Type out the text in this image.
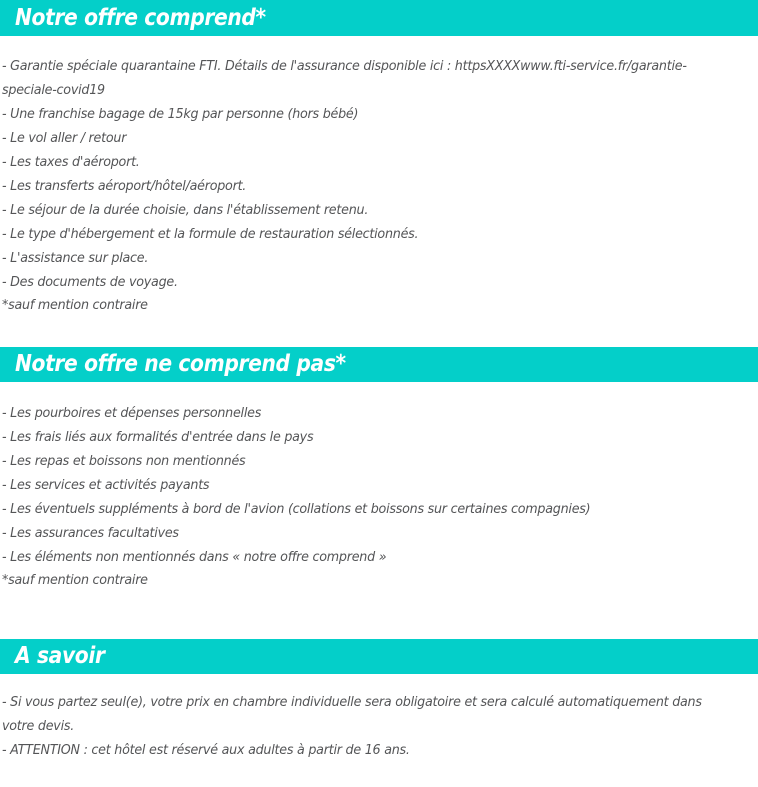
Notre offre comprend*
- Garantie spéciale quarantaine FTI. Détails de l'assurance disponible ici : httpsXXXXwww.fti-service.fr/garantie-speciale-covid19
- Une franchise bagage de 15kg par personne (hors bébé)
- Le vol aller / retour
- Les taxes d'aéroport.
- Les transferts aéroport/hôtel/aéroport.
- Le séjour de la durée choisie, dans l'établissement retenu.
- Le type d'hébergement et la formule de restauration sélectionnés.
- L'assistance sur place.
- Des documents de voyage.
*sauf mention contraire
Notre offre ne comprend pas*
- Les pourboires et dépenses personnelles
- Les frais liés aux formalités d'entrée dans le pays
- Les repas et boissons non mentionnés
- Les services et activités payants
- Les éventuels suppléments à bord de l'avion (collations et boissons sur certaines compagnies)
- Les assurances facultatives
- Les éléments non mentionnés dans « notre offre comprend »
*sauf mention contraire
A savoir
- Si vous partez seul(e), votre prix en chambre individuelle sera obligatoire et sera calculé automatiquement dans votre devis.
- ATTENTION : cet hôtel est réservé aux adultes à partir de 16 ans.
